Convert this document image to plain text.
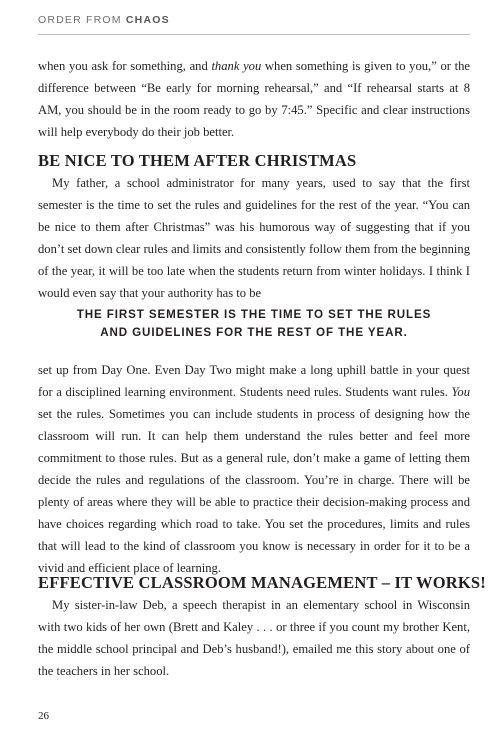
ORDER FROM CHAOS

when you ask for something, and thank you when something is given to you,” or the difference between “Be early for morning rehearsal,” and “If rehearsal starts at 8 AM, you should be in the room ready to go by 7:45.” Specific and clear instructions will help everybody do their job better.

BE NICE TO THEM AFTER CHRISTMAS

My father, a school administrator for many years, used to say that the first semester is the time to set the rules and guidelines for the rest of the year. “You can be nice to them after Christmas” was his humorous way of suggesting that if you don’t set down clear rules and limits and consistently follow them from the beginning of the year, it will be too late when the students return from winter holidays. I think I would even say that your authority has to be

THE FIRST SEMESTER IS THE TIME TO SET THE RULES
AND GUIDELINES FOR THE REST OF THE YEAR.

set up from Day One. Even Day Two might make a long uphill battle in your quest for a disciplined learning environment. Students need rules. Students want rules. You set the rules. Sometimes you can include students in process of designing how the classroom will run. It can help them understand the rules better and feel more commitment to those rules. But as a general rule, don’t make a game of letting them decide the rules and regulations of the classroom. You’re in charge. There will be plenty of areas where they will be able to practice their decision-making process and have choices regarding which road to take. You set the procedures, limits and rules that will lead to the kind of classroom you know is necessary in order for it to be a vivid and efficient place of learning.

EFFECTIVE CLASSROOM MANAGEMENT – IT WORKS!

My sister-in-law Deb, a speech therapist in an elementary school in Wisconsin with two kids of her own (Brett and Kaley . . . or three if you count my brother Kent, the middle school principal and Deb’s husband!), emailed me this story about one of the teachers in her school.

26
